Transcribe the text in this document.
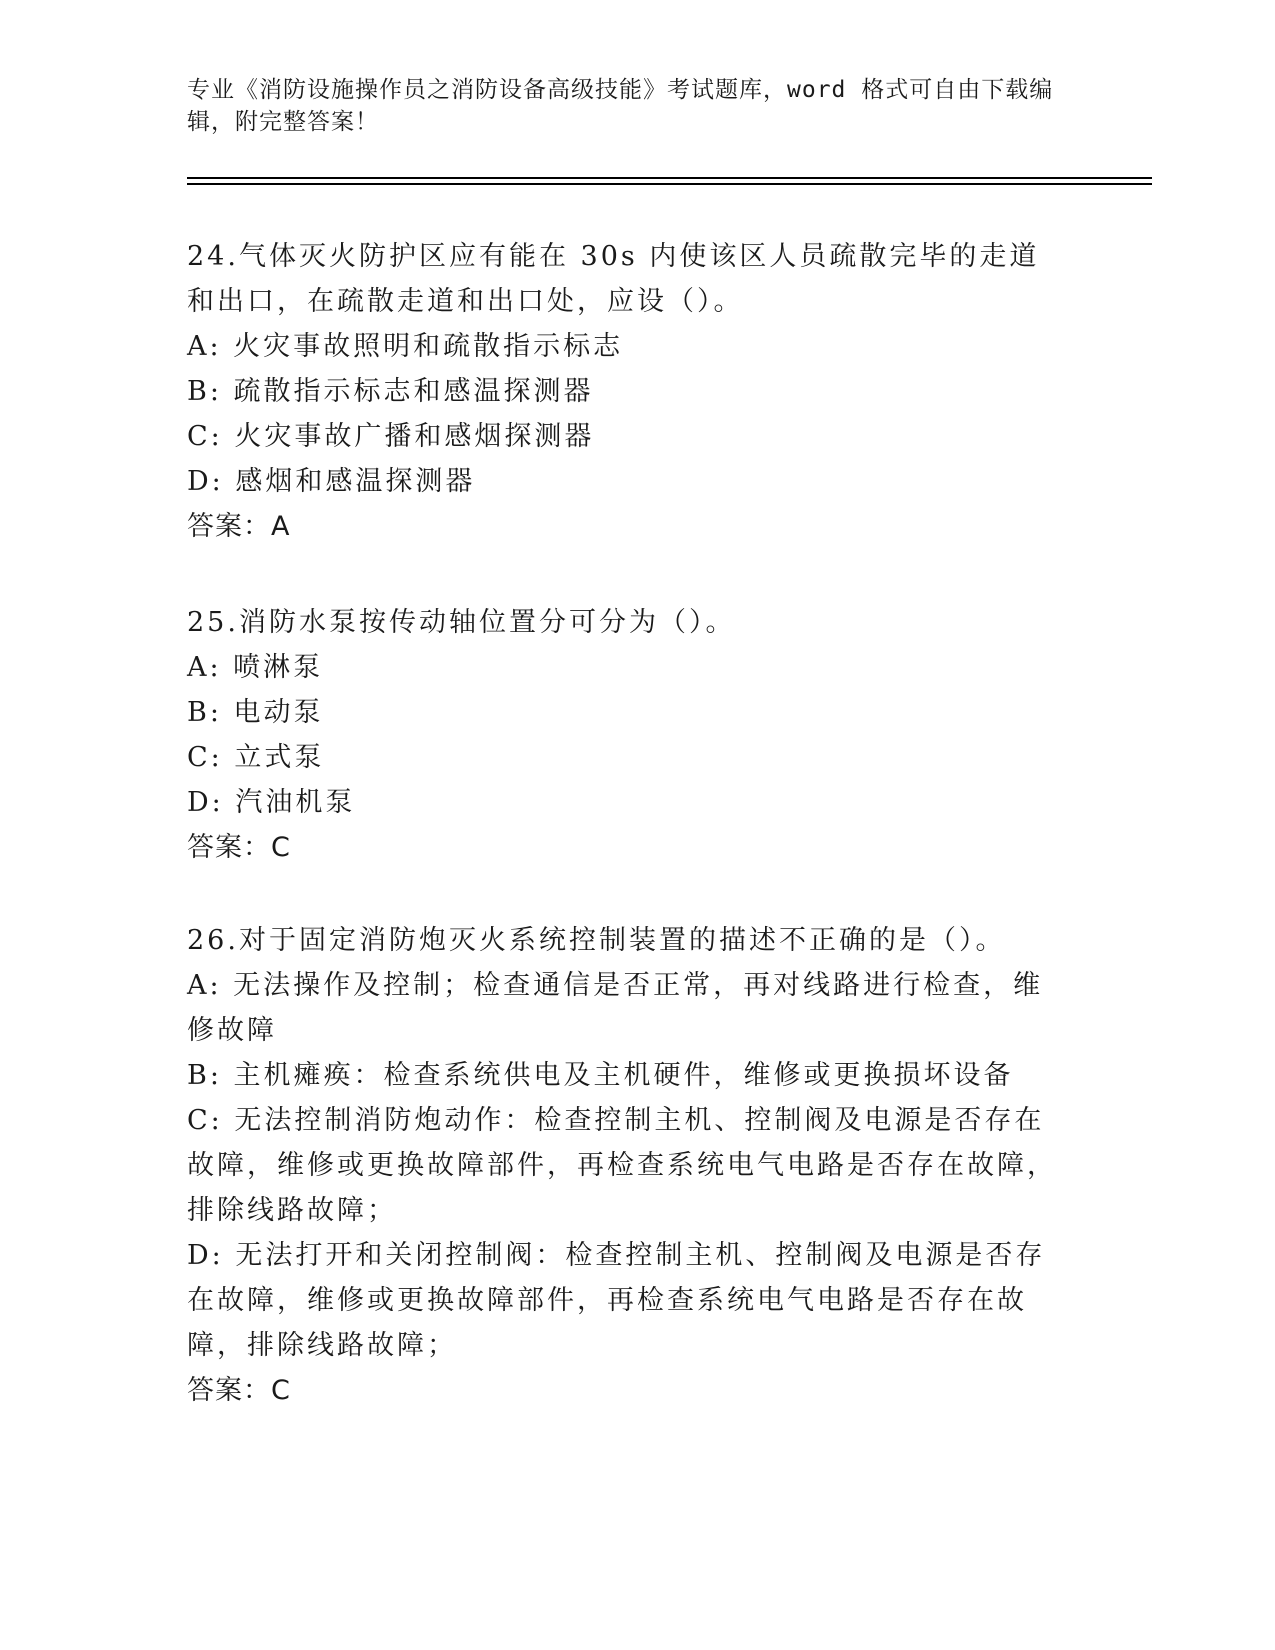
专业《消防设施操作员之消防设备高级技能》考试题库，word 格式可自由下载编辑，附完整答案！

24.气体灭火防护区应有能在 30s 内使该区人员疏散完毕的走道和出口，在疏散走道和出口处，应设（）。

A: 火灾事故照明和疏散指示标志

B: 疏散指示标志和感温探测器

C: 火灾事故广播和感烟探测器

D: 感烟和感温探测器

答案：A

25.消防水泵按传动轴位置分可分为（）。

A: 喷淋泵

B: 电动泵

C: 立式泵

D: 汽油机泵

答案：C

26.对于固定消防炮灭火系统控制装置的描述不正确的是（）。

A: 无法操作及控制；检查通信是否正常，再对线路进行检查，维修故障

B: 主机瘫痪：检查系统供电及主机硬件，维修或更换损坏设备

C: 无法控制消防炮动作：检查控制主机、控制阀及电源是否存在故障，维修或更换故障部件，再检查系统电气电路是否存在故障，排除线路故障；

D: 无法打开和关闭控制阀：检查控制主机、控制阀及电源是否存在故障，维修或更换故障部件，再检查系统电气电路是否存在故障，排除线路故障；

答案：C
